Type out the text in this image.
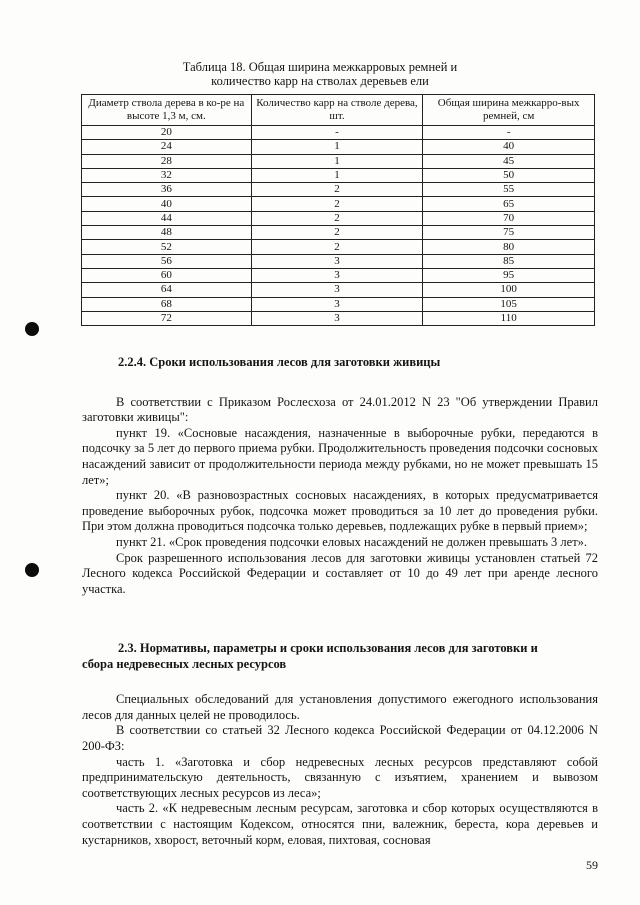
Таблица 18. Общая ширина межкарровых ремней и
количество карр на стволах деревьев ели
Диаметр ствола дерева в ко-ре на высоте 1,3 м, см.	Количество карр на стволе дерева, шт.	Общая ширина межкарро-вых ремней, см
20	-	-
24	1	40
28	1	45
32	1	50
36	2	55
40	2	65
44	2	70
48	2	75
52	2	80
56	3	85
60	3	95
64	3	100
68	3	105
72	3	110
2.2.4. Сроки использования лесов для заготовки живицы

В соответствии с Приказом Рослесхоза от 24.01.2012 N 23 "Об утверждении Правил заготовки живицы":

пункт 19. «Сосновые насаждения, назначенные в выборочные рубки, передаются в подсочку за 5 лет до первого приема рубки. Продолжительность проведения подсочки сосновых насаждений зависит от продолжительности периода между рубками, но не может превышать 15 лет»;

пункт 20. «В разновозрастных сосновых насаждениях, в которых предусматривается проведение выборочных рубок, подсочка может проводиться за 10 лет до проведения рубки. При этом должна проводиться подсочка только деревьев, подлежащих рубке в первый прием»;

пункт 21. «Срок проведения подсочки еловых насаждений не должен превышать 3 лет».

Срок разрешенного использования лесов для заготовки живицы установлен статьей 72 Лесного кодекса Российской Федерации и составляет от 10 до 49 лет при аренде лесного участка.

2.3. Нормативы, параметры и сроки использования лесов для заготовки и
сбора недревесных лесных ресурсов

Специальных обследований для установления допустимого ежегодного использования лесов для данных целей не проводилось.

В соответствии со статьей 32 Лесного кодекса Российской Федерации от 04.12.2006 N 200-ФЗ:

часть 1. «Заготовка и сбор недревесных лесных ресурсов представляют собой предпринимательскую деятельность, связанную с изъятием, хранением и вывозом соответствующих лесных ресурсов из леса»;

часть 2. «К недревесным лесным ресурсам, заготовка и сбор которых осуществляются в соответствии с настоящим Кодексом, относятся пни, валежник, береста, кора деревьев и кустарников, хворост, веточный корм, еловая, пихтовая, сосновая

59
